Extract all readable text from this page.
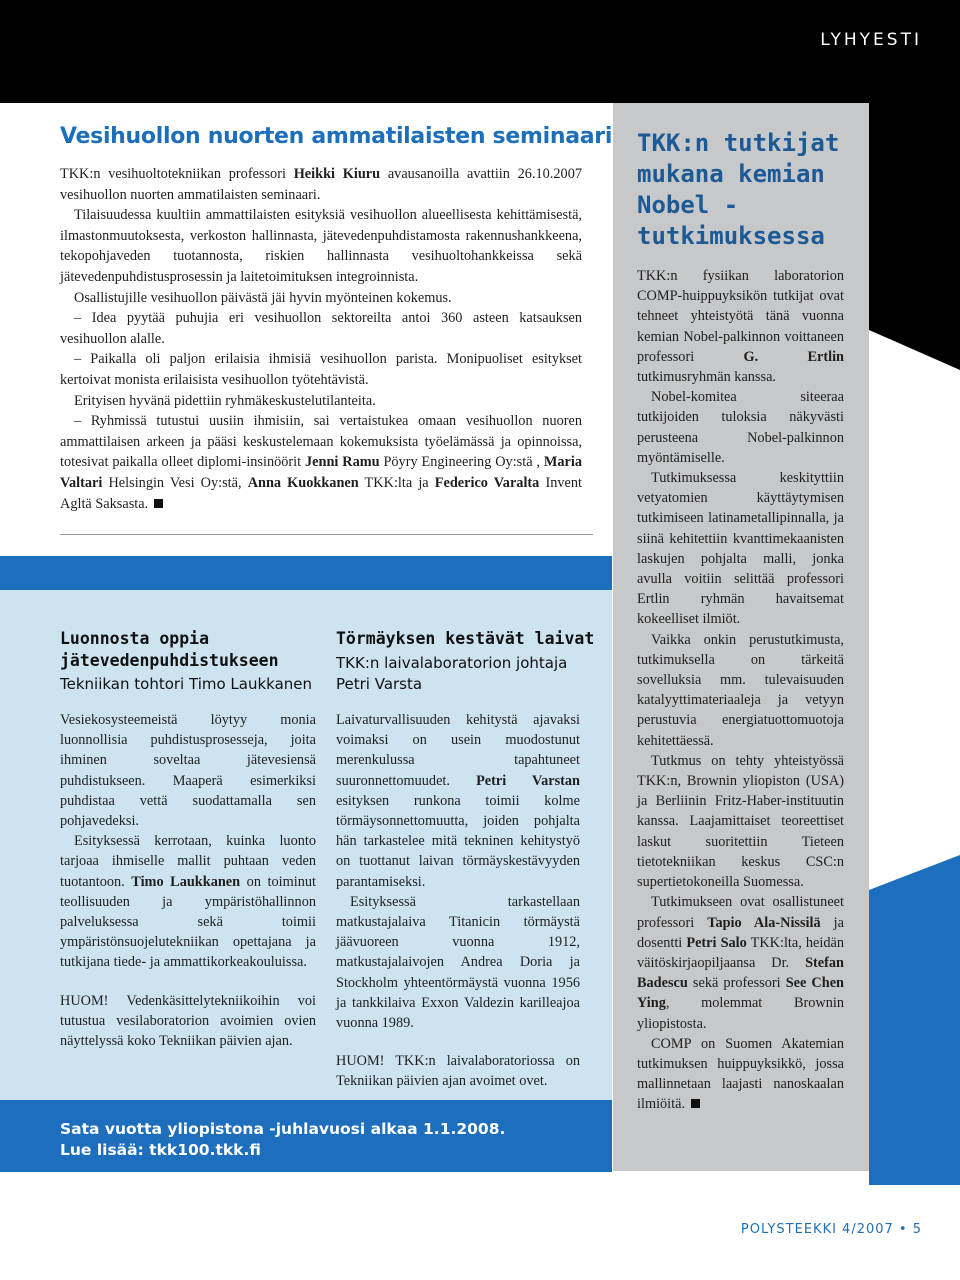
LYHYESTI
Vesihuollon nuorten ammatilaisten seminaari

TKK:n vesihuoltotekniikan professori Heikki Kiuru avausanoilla avattiin 26.10.2007 vesihuollon nuorten ammatilaisten seminaari.

Tilaisuudessa kuultiin ammattilaisten esityksiä vesihuollon alueellisesta kehittämisestä, ilmastonmuutoksesta, verkoston hallinnasta, jätevedenpuhdistamosta rakennushankkeena, tekopohjaveden tuotannosta, riskien hallinnasta vesihuoltohankkeissa sekä jätevedenpuhdistusprosessin ja laitetoimituksen integroinnista.

Osallistujille vesihuollon päivästä jäi hyvin myönteinen kokemus.

– Idea pyytää puhujia eri vesihuollon sektoreilta antoi 360 asteen katsauksen vesihuollon alalle.

– Paikalla oli paljon erilaisia ihmisiä vesihuollon parista. Monipuoliset esitykset kertoivat monista erilaisista vesihuollon työtehtävistä.

Erityisen hyvänä pidettiin ryhmäkeskustelutilanteita.

– Ryhmissä tutustui uusiin ihmisiin, sai vertaistukea omaan vesihuollon nuoren ammattilaisen arkeen ja pääsi keskustelemaan kokemuksista työelämässä ja opinnoissa, totesivat paikalla olleet diplomi-insinöörit Jenni Ramu Pöyry Engineering Oy:stä , Maria Valtari Helsingin Vesi Oy:stä, Anna Kuokkanen TKK:lta ja Federico Varalta Invent Agltä Saksasta.

Luonnosta oppia jätevedenpuhdistukseen
Tekniikan tohtori Timo Laukkanen

Vesiekosysteemeistä löytyy monia luonnollisia puhdistusprosesseja, joita ihminen soveltaa jätevesiensä puhdistukseen. Maaperä esimerkiksi puhdistaa vettä suodattamalla sen pohjavedeksi.

Esityksessä kerrotaan, kuinka luonto tarjoaa ihmiselle mallit puhtaan veden tuotantoon. Timo Laukkanen on toiminut teollisuuden ja ympäristöhallinnon palveluksessa sekä toimii ympäristönsuojelutekniikan opettajana ja tutkijana tiede- ja ammattikorkeakouluissa.

HUOM! Vedenkäsittelytekniikoihin voi tutustua vesilaboratorion avoimien ovien näyttelyssä koko Tekniikan päivien ajan.

Törmäyksen kestävät laivat
TKK:n laivalaboratorion johtaja Petri Varsta

Laivaturvallisuuden kehitystä ajavaksi voimaksi on usein muodostunut merenkulussa tapahtuneet suuronnettomuudet. Petri Varstan esityksen runkona toimii kolme törmäysonnettomuutta, joiden pohjalta hän tarkastelee mitä tekninen kehitystyö on tuottanut laivan törmäyskestävyyden parantamiseksi.

Esityksessä tarkastellaan matkustajalaiva Titanicin törmäystä jäävuoreen vuonna 1912, matkustajalaivojen Andrea Doria ja Stockholm yhteentörmäystä vuonna 1956 ja tankkilaiva Exxon Valdezin karilleajoa vuonna 1989.

HUOM! TKK:n laivalaboratoriossa on Tekniikan päivien ajan avoimet ovet.

Sata vuotta yliopistona -juhlavuosi alkaa 1.1.2008.
Lue lisää: tkk100.tkk.fi
TKK:n tutkijat mukana kemian Nobel -tutkimuksessa

TKK:n fysiikan laboratorion COMP-huippuyksikön tutkijat ovat tehneet yhteistyötä tänä vuonna kemian Nobel-palkinnon voittaneen professori G. Ertlin tutkimusryhmän kanssa.

Nobel-komitea siteeraa tutkijoiden tuloksia näkyvästi perusteena Nobel-palkinnon myöntämiselle.

Tutkimuksessa keskityttiin vetyatomien käyttäytymisen tutkimiseen latinametallipinnalla, ja siinä kehitettiin kvanttimekaanisten laskujen pohjalta malli, jonka avulla voitiin selittää professori Ertlin ryhmän havaitsemat kokeelliset ilmiöt.

Vaikka onkin perustutkimusta, tutkimuksella on tärkeitä sovelluksia mm. tulevaisuuden katalyyttimateriaaleja ja vetyyn perustuvia energiatuottomuotoja kehitettäessä.

Tutkmus on tehty yhteistyössä TKK:n, Brownin yliopiston (USA) ja Berliinin Fritz-Haber-instituutin kanssa. Laajamittaiset teoreettiset laskut suoritettiin Tieteen tietotekniikan keskus CSC:n supertietokoneilla Suomessa.

Tutkimukseen ovat osallistuneet professori Tapio Ala-Nissilä ja dosentti Petri Salo TKK:lta, heidän väitöskirjaopiljaansa Dr. Stefan Badescu sekä professori See Chen Ying, molemmat Brownin yliopistosta.

COMP on Suomen Akatemian tutkimuksen huippuyksikkö, jossa mallinnetaan laajasti nanoskaalan ilmiöitä.

POLYSTEEKKI 4/2007 • 5
